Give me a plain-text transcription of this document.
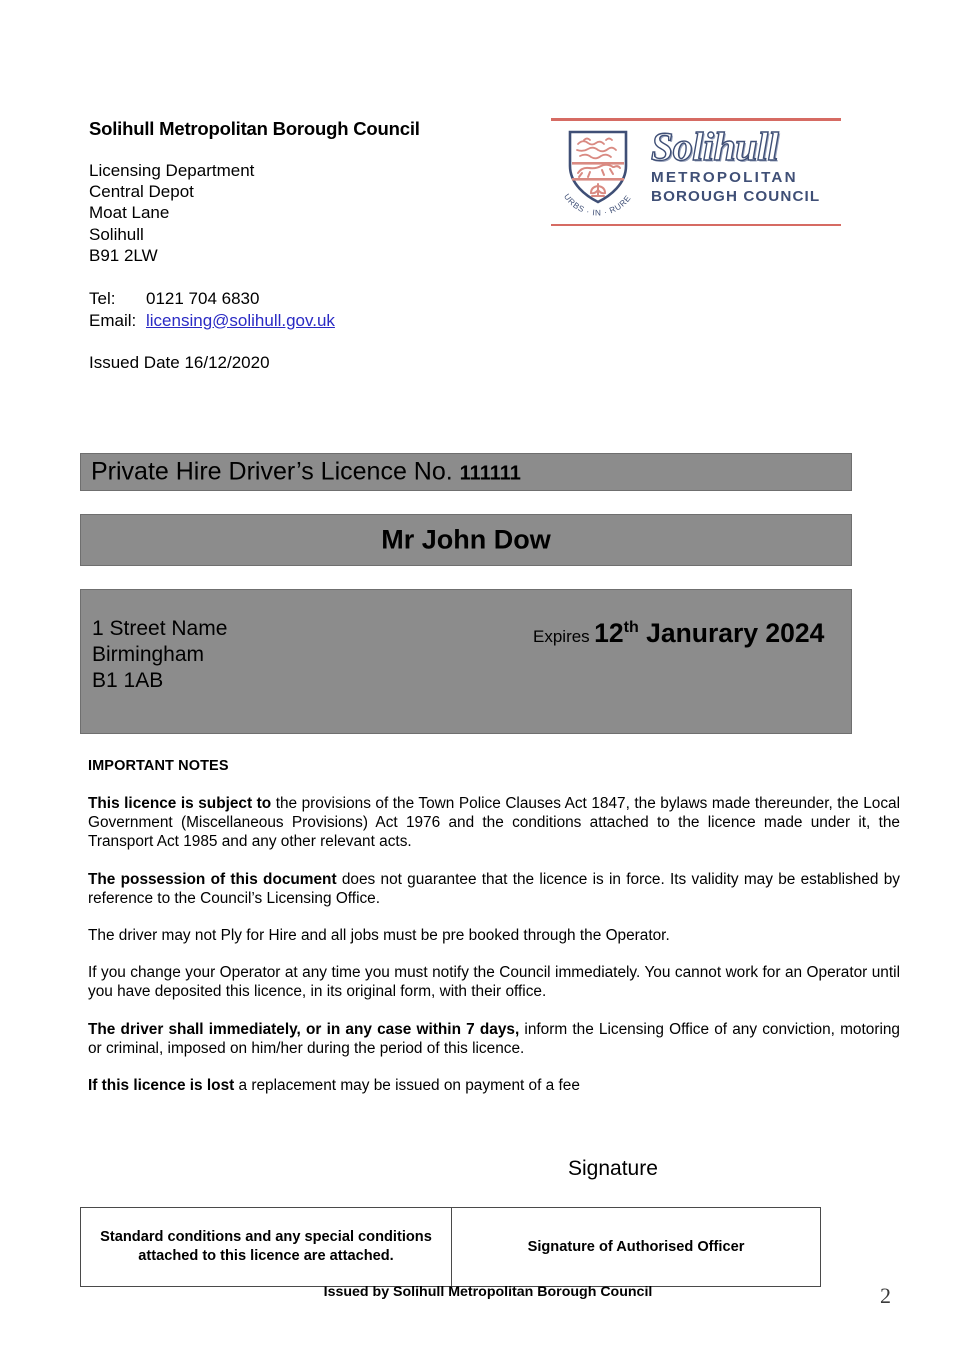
Solihull Metropolitan Borough Council
Licensing Department
Central Depot
Moat Lane
Solihull
B91 2LW
Tel: 0121 704 6830
Email: licensing@solihull.gov.uk
Issued Date 16/12/2020
URBS · IN · RURE
Solihull
METROPOLITAN
BOROUGH COUNCIL
Private Hire Driver’s Licence No. 111111
Mr John Dow
1 Street Name
Birmingham
B1 1AB
Expires 12th Janurary 2024
IMPORTANT NOTES

This licence is subject to the provisions of the Town Police Clauses Act 1847, the bylaws made thereunder, the Local Government (Miscellaneous Provisions) Act 1976 and the conditions attached to the licence made under it, the Transport Act 1985 and any other relevant acts.

The possession of this document does not guarantee that the licence is in force. Its validity may be established by reference to the Council’s Licensing Office.

The driver may not Ply for Hire and all jobs must be pre booked through the Operator.

If you change your Operator at any time you must notify the Council immediately. You cannot work for an Operator until you have deposited this licence, in its original form, with their office.

The driver shall immediately, or in any case within 7 days, inform the Licensing Office of any conviction, motoring or criminal, imposed on him/her during the period of this licence.

If this licence is lost a replacement may be issued on payment of a fee

Signature
Standard conditions and any special conditions attached to this licence are attached.	Signature of Authorised Officer
Issued by Solihull Metropolitan Borough Council	2
